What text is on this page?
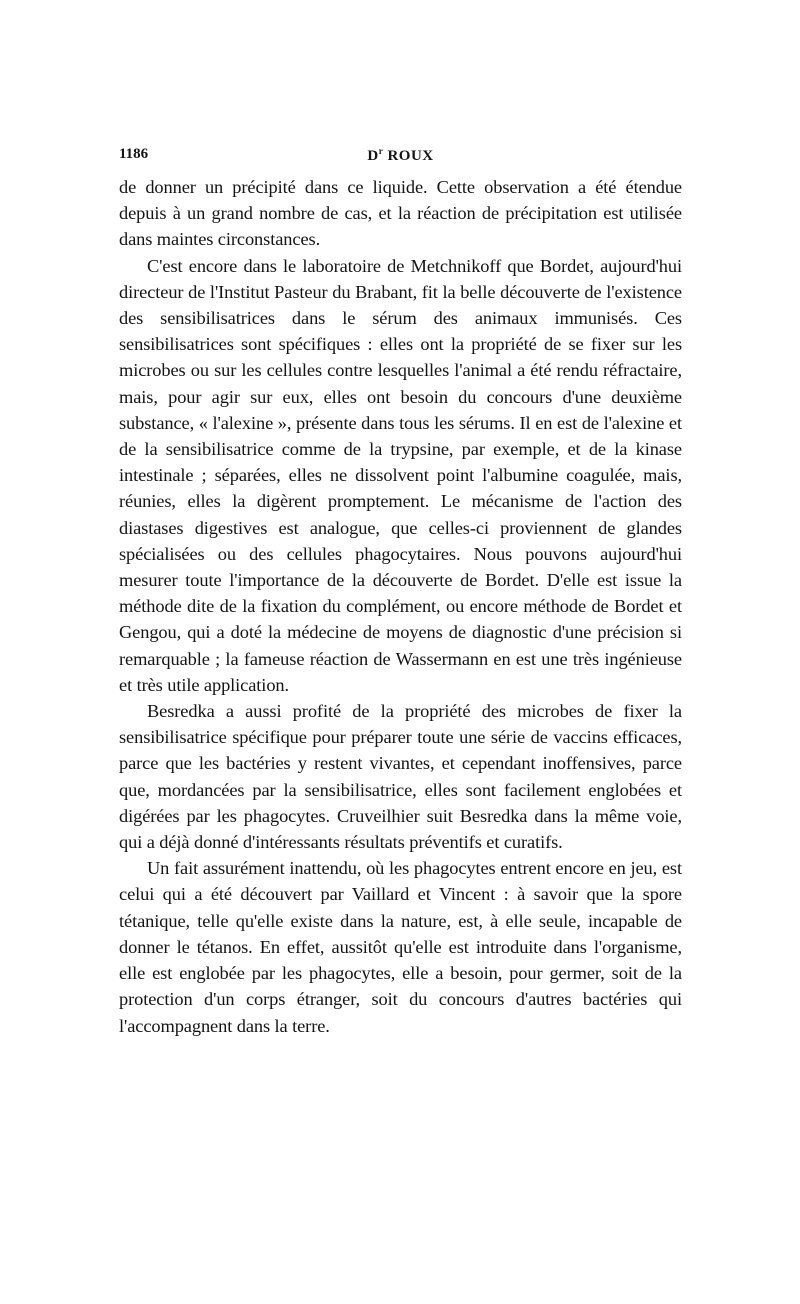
1186	$D^r$ ROUX

de donner un précipité dans ce liquide. Cette observation a été étendue depuis à un grand nombre de cas, et la réaction de précipitation est utilisée dans maintes circonstances.

C'est encore dans le laboratoire de Metchnikoff que Bordet, aujourd'hui directeur de l'Institut Pasteur du Brabant, fit la belle découverte de l'existence des sensibilisatrices dans le sérum des animaux immunisés. Ces sensibilisatrices sont spécifiques : elles ont la propriété de se fixer sur les microbes ou sur les cellules contre lesquelles l'animal a été rendu réfractaire, mais, pour agir sur eux, elles ont besoin du concours d'une deuxième substance, « l'alexine », présente dans tous les sérums. Il en est de l'alexine et de la sensibilisatrice comme de la trypsine, par exemple, et de la kinase intestinale ; séparées, elles ne dissolvent point l'albumine coagulée, mais, réunies, elles la digèrent promptement. Le mécanisme de l'action des diastases digestives est analogue, que celles-ci proviennent de glandes spécialisées ou des cellules phagocytaires. Nous pouvons aujourd'hui mesurer toute l'importance de la découverte de Bordet. D'elle est issue la méthode dite de la fixation du complément, ou encore méthode de Bordet et Gengou, qui a doté la médecine de moyens de diagnostic d'une précision si remarquable ; la fameuse réaction de Wassermann en est une très ingénieuse et très utile application.

Besredka a aussi profité de la propriété des microbes de fixer la sensibilisatrice spécifique pour préparer toute une série de vaccins efficaces, parce que les bactéries y restent vivantes, et cependant inoffensives, parce que, mordancées par la sensibilisatrice, elles sont facilement englobées et digérées par les phagocytes. Cruveilhier suit Besredka dans la même voie, qui a déjà donné d'intéressants résultats préventifs et curatifs.

Un fait assurément inattendu, où les phagocytes entrent encore en jeu, est celui qui a été découvert par Vaillard et Vincent : à savoir que la spore tétanique, telle qu'elle existe dans la nature, est, à elle seule, incapable de donner le tétanos. En effet, aussitôt qu'elle est introduite dans l'organisme, elle est englobée par les phagocytes, elle a besoin, pour germer, soit de la protection d'un corps étranger, soit du concours d'autres bactéries qui l'accompagnent dans la terre.
